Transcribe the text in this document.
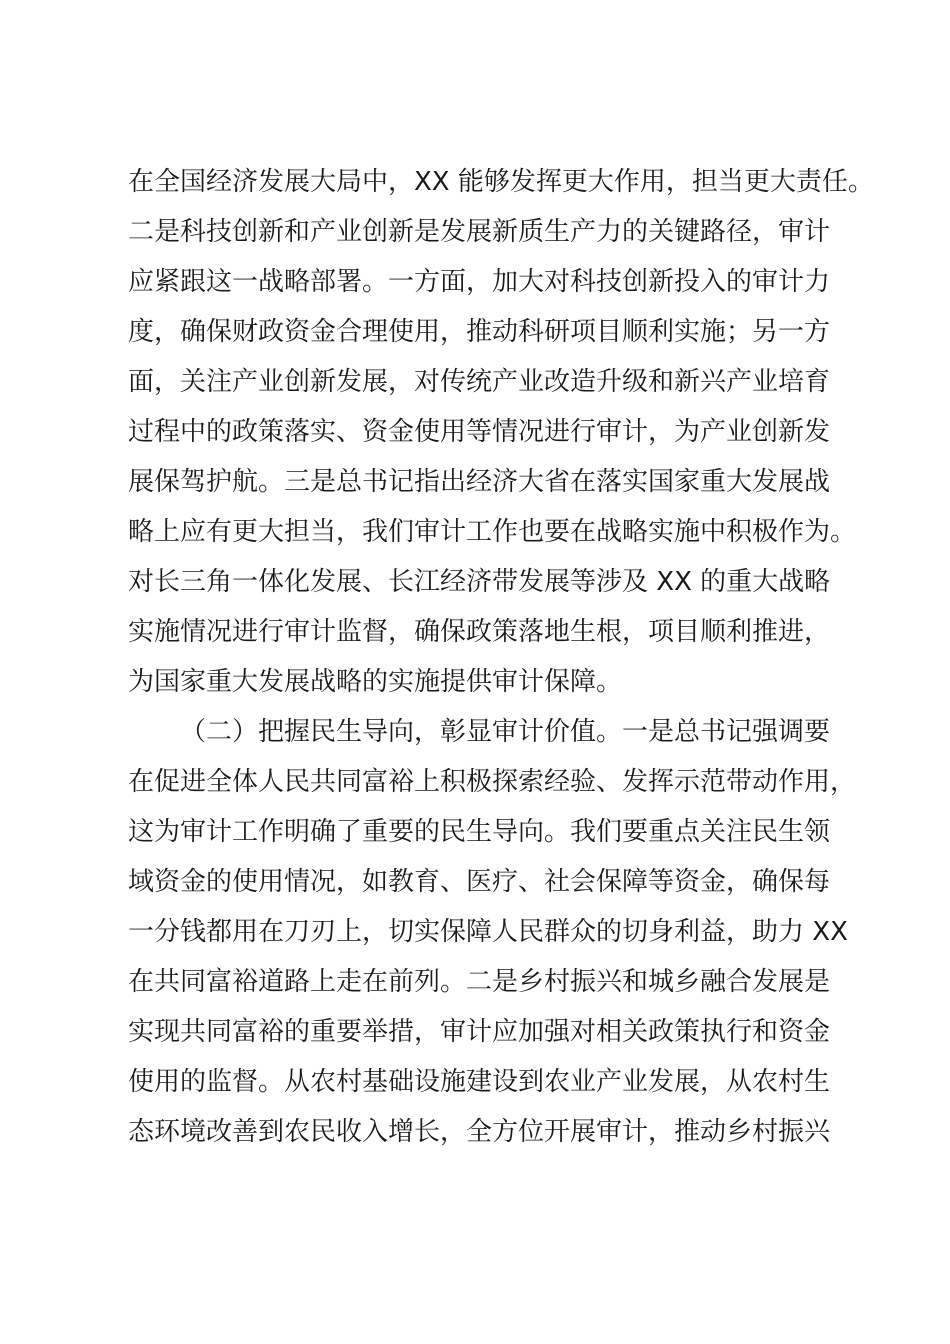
在全国经济发展大局中，XX 能够发挥更大作用，担当更大责任。
二是科技创新和产业创新是发展新质生产力的关键路径，审计
应紧跟这一战略部署。一方面，加大对科技创新投入的审计力
度，确保财政资金合理使用，推动科研项目顺利实施；另一方
面，关注产业创新发展，对传统产业改造升级和新兴产业培育
过程中的政策落实、资金使用等情况进行审计，为产业创新发
展保驾护航。三是总书记指出经济大省在落实国家重大发展战
略上应有更大担当，我们审计工作也要在战略实施中积极作为。
对长三角一体化发展、长江经济带发展等涉及 XX 的重大战略
实施情况进行审计监督，确保政策落地生根，项目顺利推进，
为国家重大发展战略的实施提供审计保障。
（二）把握民生导向，彰显审计价值。一是总书记强调要
在促进全体人民共同富裕上积极探索经验、发挥示范带动作用，
这为审计工作明确了重要的民生导向。我们要重点关注民生领
域资金的使用情况，如教育、医疗、社会保障等资金，确保每
一分钱都用在刀刃上，切实保障人民群众的切身利益，助力 XX
在共同富裕道路上走在前列。二是乡村振兴和城乡融合发展是
实现共同富裕的重要举措，审计应加强对相关政策执行和资金
使用的监督。从农村基础设施建设到农业产业发展，从农村生
态环境改善到农民收入增长，全方位开展审计，推动乡村振兴
